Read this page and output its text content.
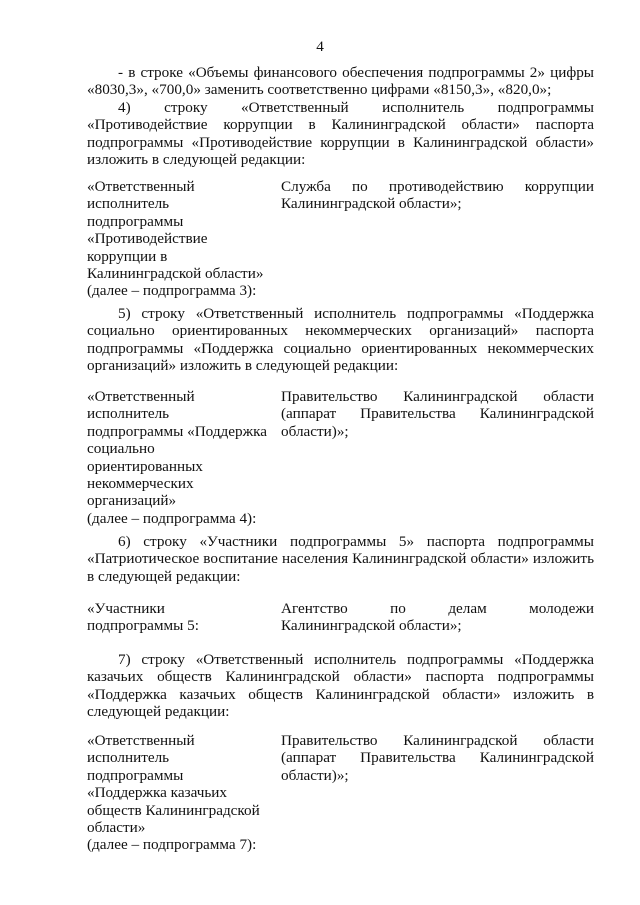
4
- в строке «Объемы финансового обеспечения подпрограммы 2» цифры
«8030,3», «700,0» заменить соответственно цифрами «8150,3», «820,0»;
4) строку «Ответственный исполнитель подпрограммы «Противодействие коррупции в Калининградской области» паспорта подпрограммы «Противодействие коррупции в Калининградской области» изложить в следующей редакции:
«Ответственный
исполнитель
подпрограммы
«Противодействие
коррупции в
Калининградской области»
(далее – подпрограмма 3):
Служба по противодействию коррупции Калининградской области»;
5) строку «Ответственный исполнитель подпрограммы «Поддержка социально ориентированных некоммерческих организаций» паспорта подпрограммы «Поддержка социально ориентированных некоммерческих организаций» изложить в следующей редакции:
«Ответственный
исполнитель
подпрограммы «Поддержка
социально
ориентированных
некоммерческих
организаций»
(далее – подпрограмма 4):
Правительство Калининградской области (аппарат Правительства Калининградской области)»;
6) строку «Участники подпрограммы 5» паспорта подпрограммы «Патриотическое воспитание населения Калининградской области» изложить в следующей редакции:
«Участники
подпрограммы 5:
Агентство по делам молодежи Калининградской области»;
7) строку «Ответственный исполнитель подпрограммы «Поддержка казачьих обществ Калининградской области» паспорта подпрограммы «Поддержка казачьих обществ Калининградской области» изложить в следующей редакции:
«Ответственный
исполнитель
подпрограммы
«Поддержка казачьих
обществ Калининградской
области»
(далее – подпрограмма 7):
Правительство Калининградской области (аппарат Правительства Калининградской области)»;
